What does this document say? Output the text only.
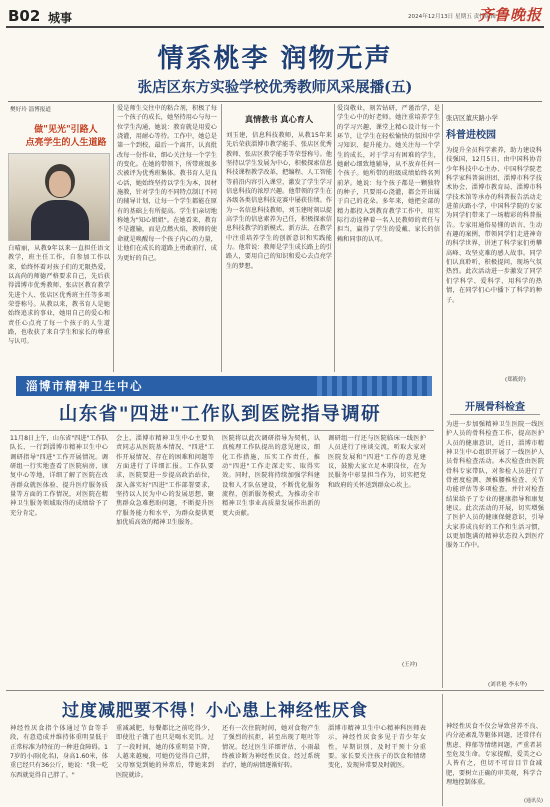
B02 城事	2024年12月13日 星期五 责任编辑
齐鲁晚报
情系桃李 润物无声
张店区东方实验学校优秀教师风采展播(五)
樊好玲 淄博报道
做"见光"引路人
点亮学生的人生道路
白晴丽，从教9年以来一直担任语文教学，班主任工作，自参加工作以来，始终怀着对孩子们的无限热爱，以高尚的师德严格要求自己，先后获得淄博市优秀教师、张店区教育教学先进个人、张店区优秀班主任等多项荣誉称号。从教以来，教书育人是她始终追求的事业，她用自己的爱心和责任心点亮了每一个孩子的人生道路，也收获了来自学生和家长的尊重与认可。
爱是师生交往中的粘合剂，积极了每一个孩子的成长，她坚持用心与每一位学生沟通，她说：教育就是用爱心浇灌，用耐心等待。工作中，她总是第一个到校，最后一个离开，认真批改每一份作业，细心关注每一个学生的变化。在她的带领下，所带班级多次被评为优秀班集体。教书育人是良心活，她始终坚持以学生为本，因材施教，针对学生的不同特点制订不同的辅导计划，让每一个学生都能在原有的基础上有所提高。学生们亲切地称她为"知心姐姐"。在她看来，教育不是灌输，而是点燃火焰，教师的使命就是唤醒每一个孩子内心的力量，让他们在成长的道路上勇敢前行，成为更好的自己。
真情教书 真心育人
刘玉建，信息科技教师，从教15年来先后荣获淄博市教学能手、张店区优秀教师、张店区教学能手等荣誉称号。他坚持以学生发展为中心，积极探索信息科技课程教学改革，把编程、人工智能等前沿内容引入课堂，激发了学生学习信息科技的浓厚兴趣。他带领的学生在各级各类信息科技竞赛中屡获佳绩。作为一名信息科技教师，刘玉建时刻以提高学生的信息素养为己任，积极探索信息科技教学的新模式、新方法，在教学中注重培养学生的创新意识和实践能力。他常说：教师是学生成长路上的引路人，要用自己的知识和爱心去点亮学生的梦想。
爱岗敬业，刻苦钻研，严谨治学，是学生心中的好老师。她注重培养学生的学习兴趣，课堂上精心设计每一个环节，让学生在轻松愉快的氛围中学习知识、提升能力。她关注每一个学生的成长，对于学习有困难的学生，她耐心细致地辅导，从不放弃任何一个孩子。她所带的班级成绩始终名列前茅。她说：每个孩子都是一颗独特的种子，只要用心浇灌，都会开出属于自己的花朵。多年来，她把全部的精力都投入到教育教学工作中，用实际行动诠释着一名人民教师的责任与担当，赢得了学生的爱戴、家长的信赖和同事的认可。
张店区董庆路小学
科普进校园
为提升全员科学素养，助力建设科技强国，12月5日，由中国科协青少年科技中心主办、中国科学院老科学家科普演讲团、淄博市科学技术协会、淄博市教育局、淄博市科学技术馆等承办的科普报告活动走进董庆路小学，中国科学院的专家为同学们带来了一场精彩的科普报告。专家用通俗易懂的语言、生动有趣的案例，带领同学们走进神奇的科学世界，讲述了科学家们勇攀高峰、攻坚克难的感人故事。同学们认真聆听，积极提问，现场气氛热烈。此次活动进一步激发了同学们学科学、爱科学、用科学的热情，在同学们心中播下了科学的种子。
(郑筱婷)
淄博市精神卫生中心
山东省"四进"工作队到医院指导调研
11月8日上午，山东省"四进"工作队队长、一行到淄博市精神卫生中心调研指导"四进"工作开展情况。调研组一行实地查看了医院病房、康复中心等地，详细了解了医院在改善群众就医体验、提升医疗服务质量等方面的工作情况，对医院在精神卫生服务领域取得的成绩给予了充分肯定。
会上，淄博市精神卫生中心主要负责同志从医院基本情况、"四进"工作开展情况、存在的困难和问题等方面进行了详细汇报。工作队要求，医院要进一步提高政治站位，深入落实好"四进"工作部署要求，坚持以人民为中心的发展思想，聚焦群众急难愁盼问题，不断提升医疗服务能力和水平，为群众提供更加优质高效的精神卫生服务。
医院将以此次调研指导为契机，认真梳理工作队提出的意见建议，细化工作措施，压实工作责任，推动"四进"工作走深走实、取得实效。同时，医院将持续加强学科建设和人才队伍建设，不断优化服务流程，创新服务模式，为推动全市精神卫生事业高质量发展作出新的更大贡献。
调研组一行还与医院临床一线医护人员进行了座谈交流，听取大家对医院发展和"四进"工作的意见建议，鼓励大家立足本职岗位，在为民服务中彰显担当作为，切实把党和政府的关怀送到群众心坎上。
(王冲)
开展骨科检查
为进一步加强精神卫生医院一线医护人员的骨科检查工作，提高医护人员的健康意识，近日，淄博市精神卫生中心组织开展了一线医护人员骨科检查活动。本次检查由医院骨科专家带队，对参检人员进行了骨密度检测、颈椎腰椎检查、关节功能评估等多项检查，并针对检查结果给予了专业的健康指导和康复建议。此次活动的开展，切实增强了医护人员的健康保健意识，引导大家养成良好的工作和生活习惯，以更加饱满的精神状态投入到医疗服务工作中。
(刘君艳 李永华)
过度减肥要不得！小心患上神经性厌食
神经性厌食指个体通过节食等手段，有意造成并维持体重明显低于正常标准为特征的一种进食障碍。17岁的小雨(化名)，身高1.60米，体重已经只有36公斤，她说："我一吃东西就觉得自己胖了。"
重减减肥，每餐都比之前吃得少，即使肚子饿了也只是喝水充饥。过了一段时间，她的体重明显下降，人越来越瘦，可她仍觉得自己胖，父母察觉到她的异常后，带她来到医院就诊。
还有一次住院时间，她对食物产生了强烈的抗拒，甚至出现了呕吐等情况。经过医生详细评估，小雨最终被诊断为神经性厌食。经过系统治疗，她的病情逐渐好转。
淄博市精神卫生中心精神科医师表示，神经性厌食多见于青少年女性，早期识别、及时干预十分重要。家长要关注孩子的饮食和情绪变化，发现异常要及时就医。
神经性厌食不仅会导致营养不良、内分泌紊乱等躯体问题，还常伴有焦虑、抑郁等情绪问题，严重者甚至危及生命。专家提醒，爱美之心人皆有之，但切不可盲目节食减肥，要树立正确的审美观，科学合理地控制体重。
(通讯员)
